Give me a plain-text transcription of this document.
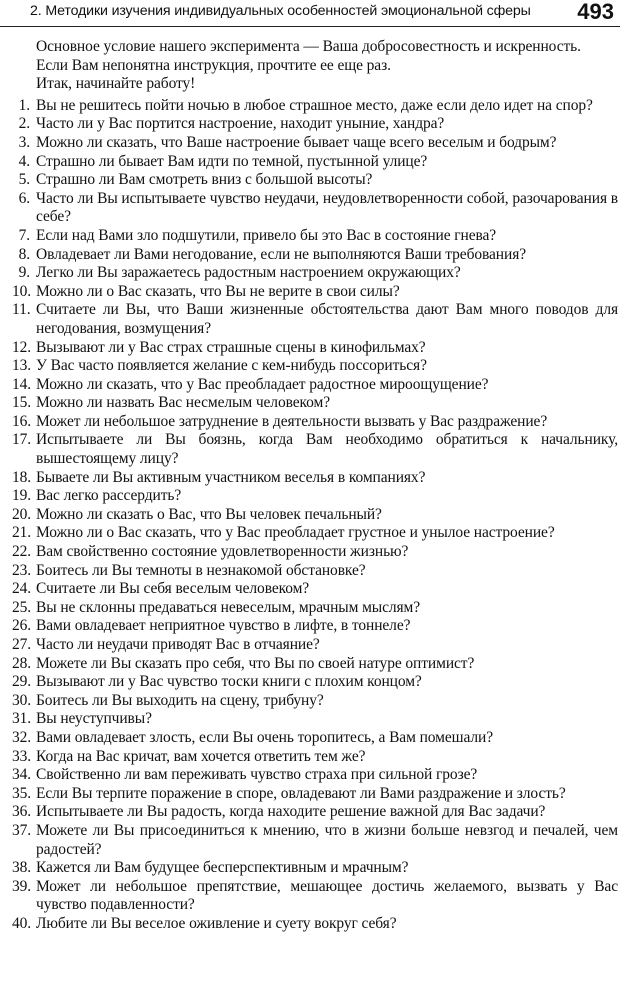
2. Методики изучения индивидуальных особенностей эмоциональной сферы 493
Основное условие нашего эксперимента — Ваша добросовестность и искренность.
Если Вам непонятна инструкция, прочтите ее еще раз.
Итак, начинайте работу!
1. Вы не решитесь пойти ночью в любое страшное место, даже если дело идет на спор?
2. Часто ли у Вас портится настроение, находит уныние, хандра?
3. Можно ли сказать, что Ваше настроение бывает чаще всего веселым и бодрым?
4. Страшно ли бывает Вам идти по темной, пустынной улице?
5. Страшно ли Вам смотреть вниз с большой высоты?
6. Часто ли Вы испытываете чувство неудачи, неудовлетворенности собой, разочарования в себе?
7. Если над Вами зло подшутили, привело бы это Вас в состояние гнева?
8. Овладевает ли Вами негодование, если не выполняются Ваши требования?
9. Легко ли Вы заражаетесь радостным настроением окружающих?
10. Можно ли о Вас сказать, что Вы не верите в свои силы?
11. Считаете ли Вы, что Ваши жизненные обстоятельства дают Вам много поводов для негодования, возмущения?
12. Вызывают ли у Вас страх страшные сцены в кинофильмах?
13. У Вас часто появляется желание с кем-нибудь поссориться?
14. Можно ли сказать, что у Вас преобладает радостное мироощущение?
15. Можно ли назвать Вас несмелым человеком?
16. Может ли небольшое затруднение в деятельности вызвать у Вас раздражение?
17. Испытываете ли Вы боязнь, когда Вам необходимо обратиться к начальнику, вышестоящему лицу?
18. Бываете ли Вы активным участником веселья в компаниях?
19. Вас легко рассердить?
20. Можно ли сказать о Вас, что Вы человек печальный?
21. Можно ли о Вас сказать, что у Вас преобладает грустное и унылое настроение?
22. Вам свойственно состояние удовлетворенности жизнью?
23. Боитесь ли Вы темноты в незнакомой обстановке?
24. Считаете ли Вы себя веселым человеком?
25. Вы не склонны предаваться невеселым, мрачным мыслям?
26. Вами овладевает неприятное чувство в лифте, в тоннеле?
27. Часто ли неудачи приводят Вас в отчаяние?
28. Можете ли Вы сказать про себя, что Вы по своей натуре оптимист?
29. Вызывают ли у Вас чувство тоски книги с плохим концом?
30. Боитесь ли Вы выходить на сцену, трибуну?
31. Вы неуступчивы?
32. Вами овладевает злость, если Вы очень торопитесь, а Вам помешали?
33. Когда на Вас кричат, вам хочется ответить тем же?
34. Свойственно ли вам переживать чувство страха при сильной грозе?
35. Если Вы терпите поражение в споре, овладевают ли Вами раздражение и злость?
36. Испытываете ли Вы радость, когда находите решение важной для Вас задачи?
37. Можете ли Вы присоединиться к мнению, что в жизни больше невзгод и печалей, чем радостей?
38. Кажется ли Вам будущее бесперспективным и мрачным?
39. Может ли небольшое препятствие, мешающее достичь желаемого, вызвать у Вас чувство подавленности?
40. Любите ли Вы веселое оживление и суету вокруг себя?
